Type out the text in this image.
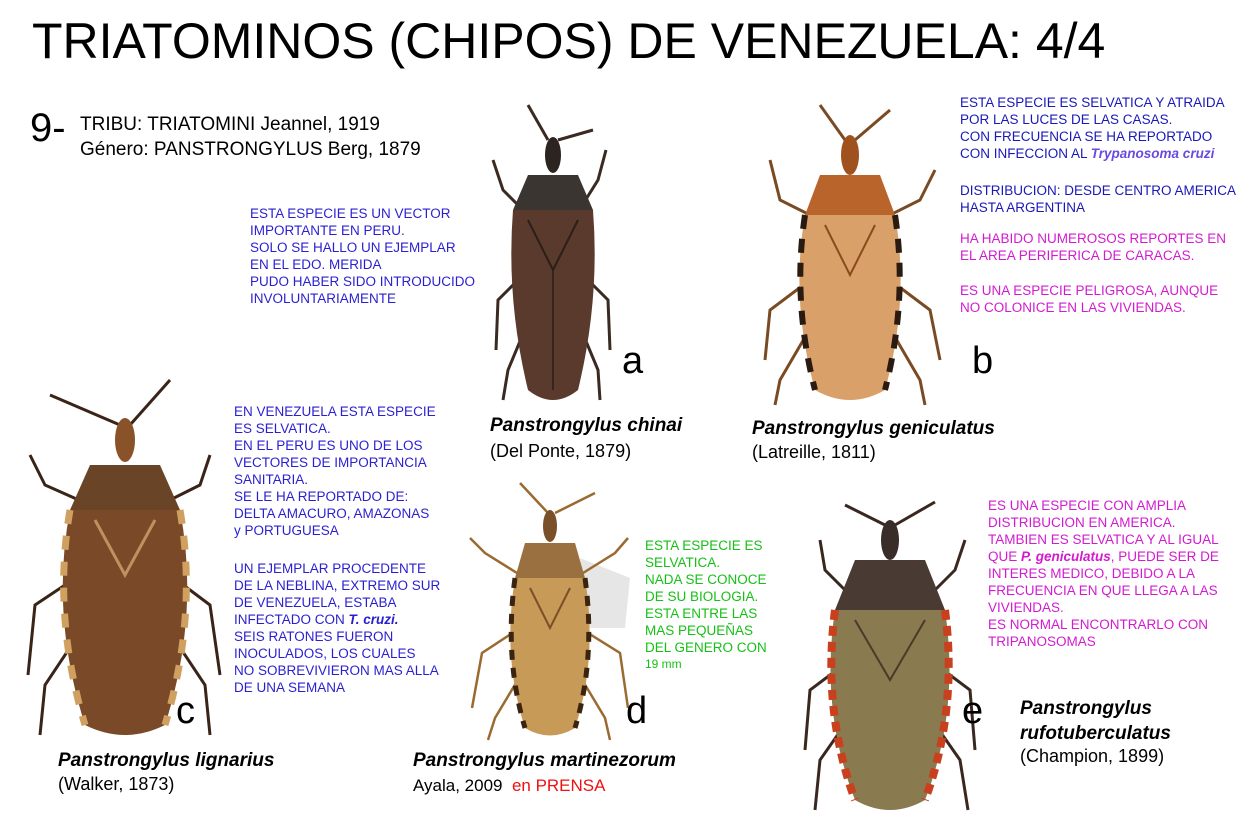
TRIATOMINOS (CHIPOS) DE VENEZUELA: 4/4
9- TRIBU: TRIATOMINI Jeannel, 1919
Género: PANSTRONGYLUS Berg, 1879
a
Panstrongylus chinai
(Del Ponte, 1879)
ESTA ESPECIE ES UN VECTOR
IMPORTANTE EN PERU.
SOLO SE HALLO UN EJEMPLAR
EN EL EDO. MERIDA
PUDO HABER SIDO INTRODUCIDO
INVOLUNTARIAMENTE
b
Panstrongylus geniculatus
(Latreille, 1811)
ESTA ESPECIE ES SELVATICA Y ATRAIDA
POR LAS LUCES DE LAS CASAS.
CON FRECUENCIA SE HA REPORTADO
CON INFECCION AL Trypanosoma cruzi
DISTRIBUCION: DESDE CENTRO AMERICA
HASTA ARGENTINA
HA HABIDO NUMEROSOS REPORTES EN
EL AREA PERIFERICA DE CARACAS.
ES UNA ESPECIE PELIGROSA, AUNQUE
NO COLONICE EN LAS VIVIENDAS.
c
Panstrongylus lignarius
(Walker, 1873)
EN VENEZUELA ESTA ESPECIE
ES SELVATICA.
EN EL PERU ES UNO DE LOS
VECTORES DE IMPORTANCIA
SANITARIA.
SE LE HA REPORTADO DE:
DELTA AMACURO, AMAZONAS
y PORTUGUESA
UN EJEMPLAR PROCEDENTE
DE LA NEBLINA, EXTREMO SUR
DE VENEZUELA, ESTABA
INFECTADO CON T. cruzi.
SEIS RATONES FUERON
INOCULADOS, LOS CUALES
NO SOBREVIVIERON MAS ALLA
DE UNA SEMANA
d
Panstrongylus martinezorum
Ayala, 2009 en PRENSA
ESTA ESPECIE ES
SELVATICA.
NADA SE CONOCE
DE SU BIOLOGIA.
ESTA ENTRE LAS
MAS PEQUEÑAS
DEL GENERO CON
19 mm
e Panstrongylus
rufotuberculatus
(Champion, 1899)
ES UNA ESPECIE CON AMPLIA
DISTRIBUCION EN AMERICA.
TAMBIEN ES SELVATICA Y AL IGUAL
QUE P. geniculatus, PUEDE SER DE
INTERES MEDICO, DEBIDO A LA
FRECUENCIA EN QUE LLEGA A LAS
VIVIENDAS.
ES NORMAL ENCONTRARLO CON
TRIPANOSOMAS
